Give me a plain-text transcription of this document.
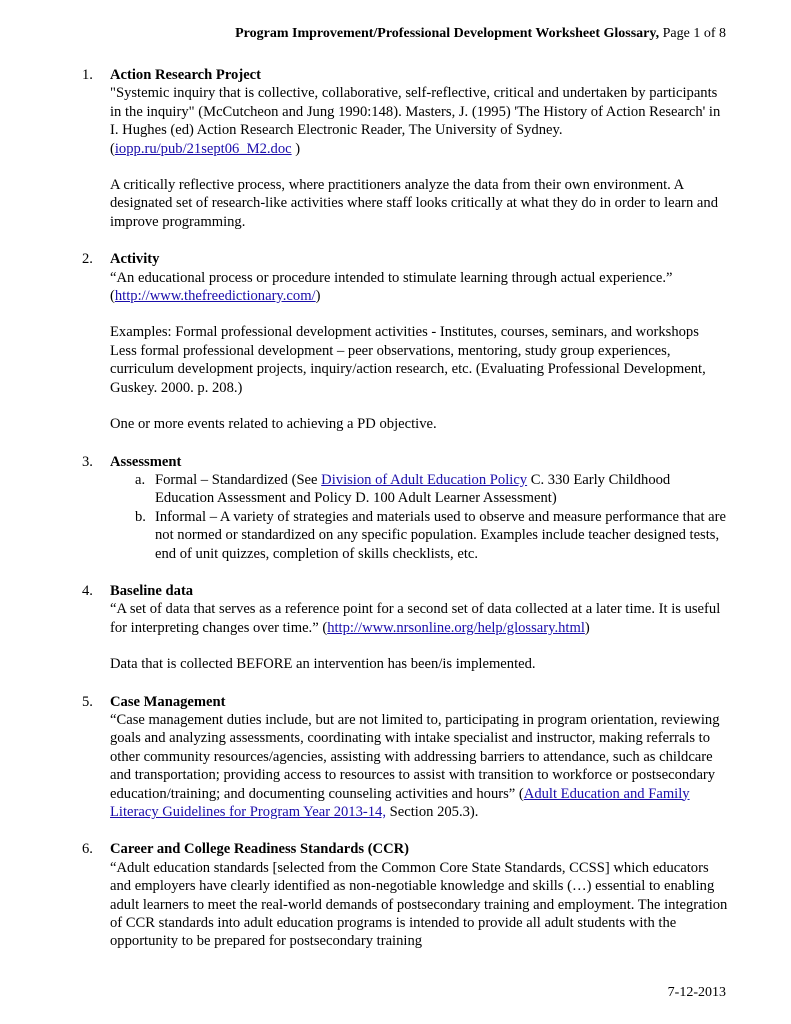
Program Improvement/Professional Development Worksheet Glossary, Page 1 of 8
1. Action Research Project

"Systemic inquiry that is collective, collaborative, self-reflective, critical and undertaken by participants in the inquiry" (McCutcheon and Jung 1990:148). Masters, J. (1995) 'The History of Action Research' in I. Hughes (ed) Action Research Electronic Reader, The University of Sydney. (iopp.ru/pub/21sept06_M2.doc )

A critically reflective process, where practitioners analyze the data from their own environment. A designated set of research-like activities where staff looks critically at what they do in order to learn and improve programming.

2. Activity

“An educational process or procedure intended to stimulate learning through actual experience.” (http://www.thefreedictionary.com/)

Examples: Formal professional development activities - Institutes, courses, seminars, and workshops

Less formal professional development – peer observations, mentoring, study group experiences, curriculum development projects, inquiry/action research, etc. (Evaluating Professional Development, Guskey. 2000. p. 208.)

One or more events related to achieving a PD objective.

3. Assessment

a. Formal – Standardized (See Division of Adult Education Policy C. 330 Early Childhood Education Assessment and Policy D. 100 Adult Learner Assessment)

b. Informal – A variety of strategies and materials used to observe and measure performance that are not normed or standardized on any specific population. Examples include teacher designed tests, end of unit quizzes, completion of skills checklists, etc.

4. Baseline data

“A set of data that serves as a reference point for a second set of data collected at a later time. It is useful for interpreting changes over time.” (http://www.nrsonline.org/help/glossary.html)

Data that is collected BEFORE an intervention has been/is implemented.

5. Case Management

“Case management duties include, but are not limited to, participating in program orientation, reviewing goals and analyzing assessments, coordinating with intake specialist and instructor, making referrals to other community resources/agencies, assisting with addressing barriers to attendance, such as childcare and transportation; providing access to resources to assist with transition to workforce or postsecondary education/training; and documenting counseling activities and hours” (Adult Education and Family Literacy Guidelines for Program Year 2013-14, Section 205.3).

6. Career and College Readiness Standards (CCR)

“Adult education standards [selected from the Common Core State Standards, CCSS] which educators and employers have clearly identified as non-negotiable knowledge and skills (…) essential to enabling adult learners to meet the real-world demands of postsecondary training and employment. The integration of CCR standards into adult education programs is intended to provide all adult students with the opportunity to be prepared for postsecondary training

7-12-2013
